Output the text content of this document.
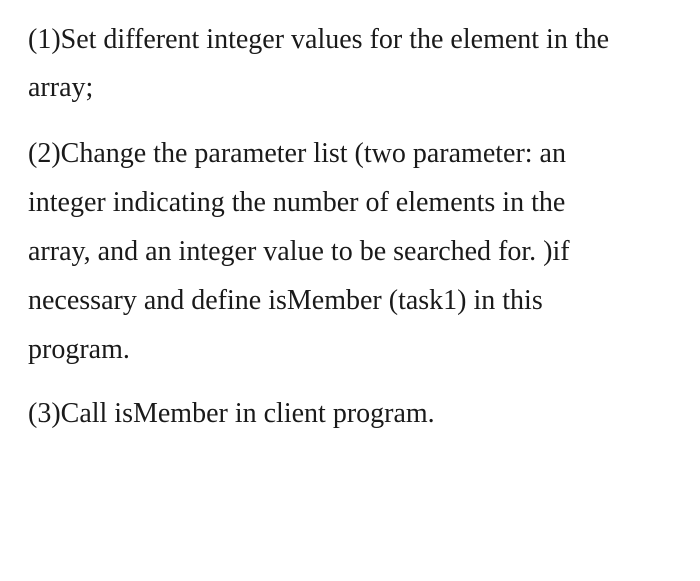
(1)Set different integer values for the element in the
array;
(2)Change the parameter list (two parameter: an
integer indicating the number of elements in the
array, and an integer value to be searched for. )if
necessary and define isMember (task1) in this
program.
(3)Call isMember in client program.
